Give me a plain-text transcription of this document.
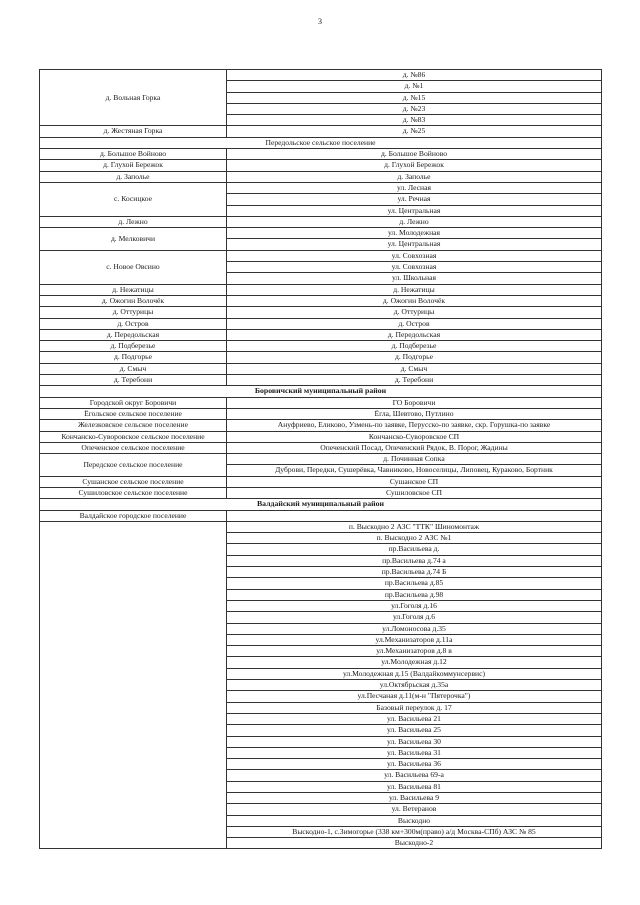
3
д. Вольная Горка	д. №86
	д. №1
	д. №15
	д. №23
	д. №83
д. Жестяная Горка	д. №25
Передольское сельское поселение	
д. Большое Войново	д. Большое Войново
д. Глухой Бережок	д. Глухой Бережок
д. Заполье	д. Заполье
с. Косицкое	ул. Лесная
	ул. Речная
	ул. Центральная
д. Лежно	д. Лежно
д. Мелковичи	ул. Молодежная
	ул. Центральная
с. Новое Овсино	ул. Совхозная
	ул. Совхозная
	ул. Школьная
д. Нежатицы	д. Нежатицы
д. Ожогин Волочёк	д. Ожогин Волочёк
д. Оттурицы	д. Оттурицы
д. Остров	д. Остров
д. Передольская	д. Передольская
д. Подберезье	д. Подберезье
д. Подгорье	д. Подгорье
д. Смыч	д. Смыч
д. Теребони	д. Теребони
Боровичский муниципальный район	
Городской округ Боровичи	ГО Боровичи
Ёгольское сельское поселение	Ёгла, Шевтово, Путлино
Железковское сельское поселение	Ануфриево, Еликово, Узмень-по заявке, Перусско-по заявке, скр. Горушка-по заявке
Кончанско-Суворовское сельское поселение	Кончанско-Суворовское СП
Опеченское сельское поселение	Опеченский Посад, Опеченский Рядок, В. Порог, Жадины
Передское сельское поселение	д. Починная Сопка
	Дуброви, Передки, Сушерёвка, Чавниково, Новоселицы, Липовец, Кураково, Бортник
Сушанское сельское поселение	Сушанское СП
Сушиловское сельское поселение	Сушиловское СП
Валдайский муниципальный район	
Валдайское городское поселение	
	п. Выскодно 2 АЗС "ТТК" Шиномонтаж
	п. Выскодно 2 АЗС №1
	пр.Васильева д.
	пр.Васильева д.74 а
	пр.Васильева д.74 Б
	пр.Васильева д.85
	пр.Васильева д.98
	ул.Гоголя д.16
	ул.Гоголя д.6
	ул.Ломоносова д.35
	ул.Механизаторов д.11а
	ул.Механизаторов д.8 в
	ул.Молодежная д.12
	ул.Молодежная д.15 (Валдайкоммунсервис)
	ул.Октябрьская д.35а
	ул.Песчаная д.11(м-н "Пятерочка")
	Базовый переулок д. 17
	ул. Васильева 21
	ул. Васильева 25
	ул. Васильева 30
	ул. Васильева 31
	ул. Васильева 36
	ул. Васильева 69-а
	ул. Васильева 81
	ул. Васильева 9
	ул. Ветеранов
	Выскодно
	Выскодно-1, с.Зимогорье (338 км+300м(право) а/д Москва-СПб) АЗС № 85
	Выскодно-2
